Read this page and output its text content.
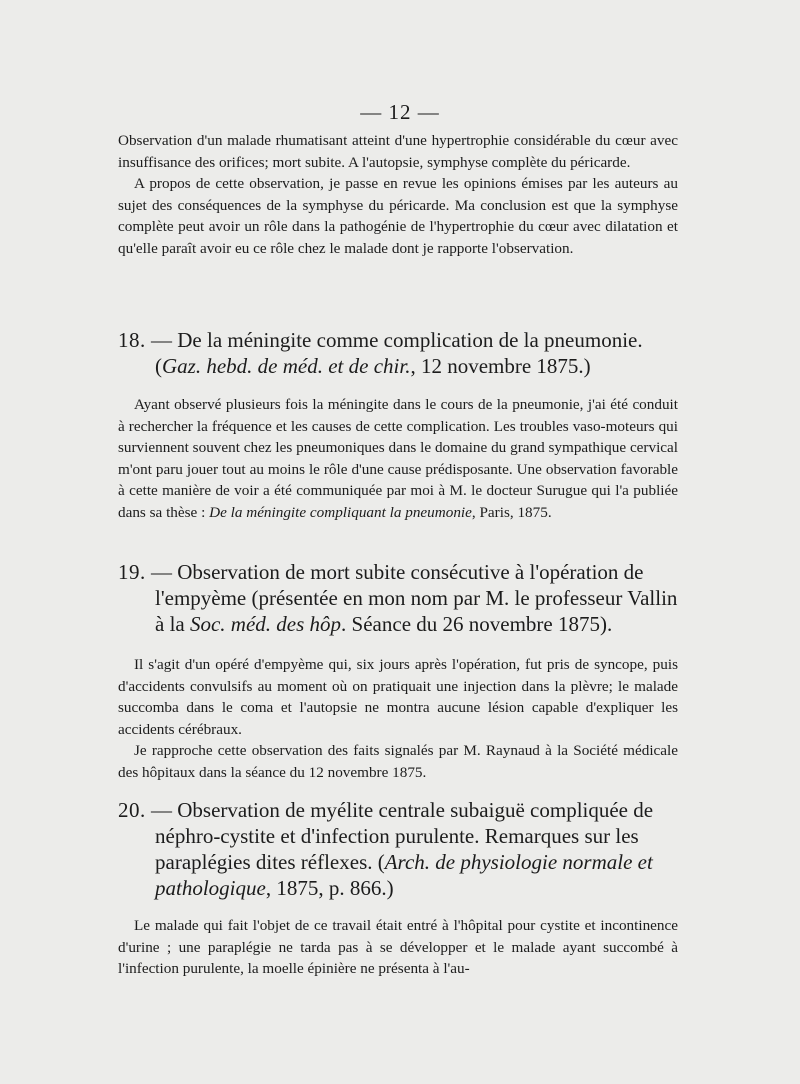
— 12 —

Observation d'un malade rhumatisant atteint d'une hypertrophie considérable du cœur avec insuffisance des orifices; mort subite. A l'autopsie, symphyse complète du péricarde.

A propos de cette observation, je passe en revue les opinions émises par les auteurs au sujet des conséquences de la symphyse du péricarde. Ma conclusion est que la symphyse complète peut avoir un rôle dans la pathogénie de l'hypertrophie du cœur avec dilatation et qu'elle paraît avoir eu ce rôle chez le malade dont je rapporte l'observation.

18. — De la méningite comme complication de la pneumonie.
(Gaz. hebd. de méd. et de chir., 12 novembre 1875.)

Ayant observé plusieurs fois la méningite dans le cours de la pneumonie, j'ai été conduit à rechercher la fréquence et les causes de cette complication. Les troubles vaso-moteurs qui surviennent souvent chez les pneumoniques dans le domaine du grand sympathique cervical m'ont paru jouer tout au moins le rôle d'une cause prédisposante. Une observation favorable à cette manière de voir a été communiquée par moi à M. le docteur Surugue qui l'a publiée dans sa thèse : De la méningite compliquant la pneumonie, Paris, 1875.

19. — Observation de mort subite consécutive à l'opération de
l'empyème (présentée en mon nom par M. le professeur Vallin
à la Soc. méd. des hôp. Séance du 26 novembre 1875).

Il s'agit d'un opéré d'empyème qui, six jours après l'opération, fut pris de syncope, puis d'accidents convulsifs au moment où on pratiquait une injection dans la plèvre; le malade succomba dans le coma et l'autopsie ne montra aucune lésion capable d'expliquer les accidents cérébraux.

Je rapproche cette observation des faits signalés par M. Raynaud à la Société médicale des hôpitaux dans la séance du 12 novembre 1875.

20. — Observation de myélite centrale subaiguë compliquée de
néphro-cystite et d'infection purulente. Remarques sur les
paraplégies dites réflexes. (Arch. de physiologie normale et
pathologique, 1875, p. 866.)

Le malade qui fait l'objet de ce travail était entré à l'hôpital pour cystite et incontinence d'urine ; une paraplégie ne tarda pas à se développer et le malade ayant succombé à l'infection purulente, la moelle épinière ne présenta à l'au-
